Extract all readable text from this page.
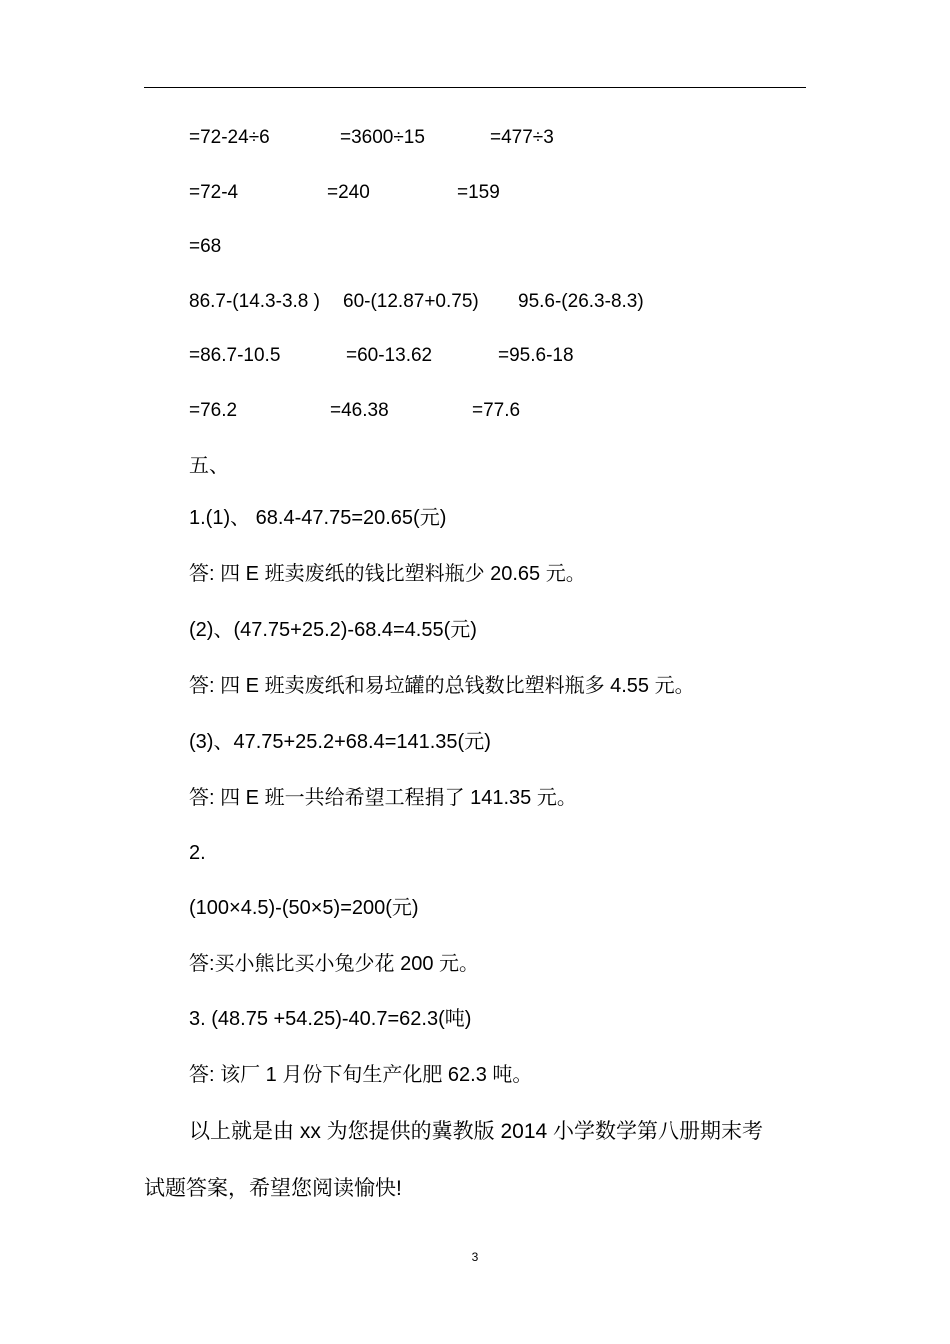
=72-24÷6	=3600÷15	=477÷3
=72-4	=240	=159
=68
86.7-(14.3-3.8 ) 60-(12.87+0.75) 95.6-(26.3-8.3)
=86.7-10.5	=60-13.62	=95.6-18
=76.2	=46.38	=77.6
五、
1.(1)、 68.4-47.75=20.65(元)
答: 四 E 班卖废纸的钱比塑料瓶少 20.65 元。
(2)、(47.75+25.2)-68.4=4.55(元)
答: 四 E 班卖废纸和易垃罐的总钱数比塑料瓶多 4.55 元。
(3)、47.75+25.2+68.4=141.35(元)
答: 四 E 班一共给希望工程捐了 141.35 元。
2.
(100×4.5)-(50×5)=200(元)
答:买小熊比买小兔少花 200 元。
3. (48.75 +54.25)-40.7=62.3(吨)
答: 该厂 1 月份下旬生产化肥 62.3 吨。
以上就是由 xx 为您提供的冀教版 2014 小学数学第八册期末考
试题答案，希望您阅读愉快!
3
